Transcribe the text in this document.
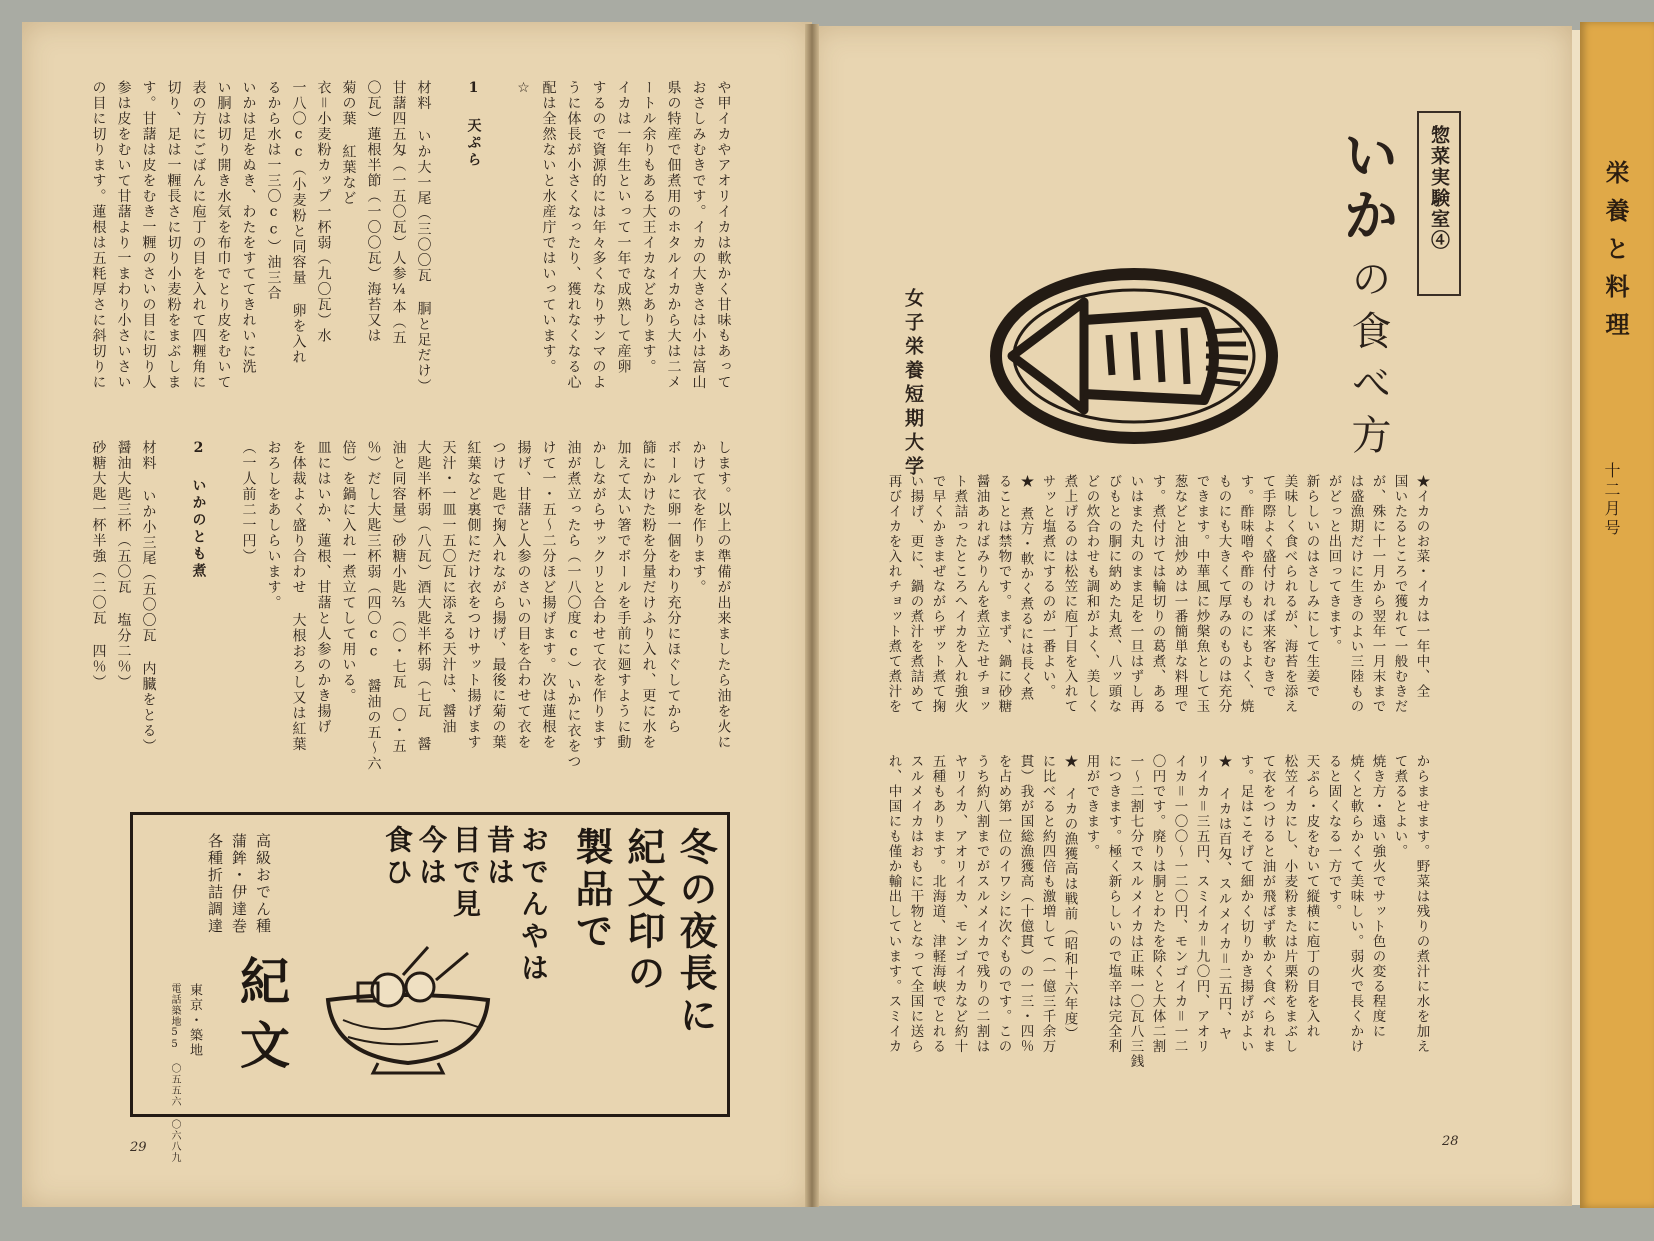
栄養と料理
十二月号
や甲イカやアオリイカは軟かく甘味もあって
おさしみむきです。イカの大きさは小は富山
県の特産で佃煮用のホタルイカから大は二メ
ートル余りもある大王イカなどあります。
イカは一年生といって一年で成熟して産卵
するので資源的には年々多くなりサンマのよ
うに体長が小さくなったり、獲れなくなる心
配は全然ないと水産庁ではいっています。
☆
1 天ぷら
材料 いか大一尾（三〇〇瓦 胴と足だけ）
甘藷四五匁（一五〇瓦）人参¼本（五
〇瓦）蓮根半節（一〇〇瓦）海苔又は
菊の葉 紅葉など
衣＝小麦粉カップ一杯弱（九〇瓦）水
一八〇cc（小麦粉と同容量 卵を入れ
るから水は一三〇cc）油三合
いかは足をぬき、わたをすててきれいに洗
い胴は切り開き水気を布巾でとり皮をむいて
表の方にごばんに庖丁の目を入れて四糎角に
切り、足は一糎長さに切り小麦粉をまぶしま
す。甘藷は皮をむき一糎のさいの目に切り人
参は皮をむいて甘藷より一まわり小さいさい
の目に切ります。蓮根は五粍厚さに斜切りに
します。以上の準備が出来ましたら油を火に
かけて衣を作ります。
ボールに卵一個をわり充分にほぐしてから
篩にかけた粉を分量だけふり入れ、更に水を
加えて太い箸でボールを手前に廻すように動
かしながらサックリと合わせて衣を作ります
油が煮立ったら（一八〇度cc）いかに衣をつ
けて一・五〜二分ほど揚げます。次は蓮根を
揚げ、甘藷と人参のさいの目を合わせて衣を
つけて匙で掬入れながら揚げ、最後に菊の葉
紅葉など裏側にだけ衣をつけサット揚げます
天汁・一皿一五〇瓦に添える天汁は、醤油
大匙半杯弱（八瓦）酒大匙半杯弱（七瓦 醤
油と同容量）砂糖小匙⅔（〇・七瓦 〇・五
％）だし大匙三杯弱（四〇cc 醤油の五〜六
倍）を鍋に入れ一煮立てして用いる。
皿にはいか、蓮根、甘藷と人参のかき揚げ
を体裁よく盛り合わせ 大根おろし又は紅葉
おろしをあしらいます。
（一人前二一円）
2 いかのとも煮
材料 いか小三尾（五〇〇瓦 内臓をとる）
醤油大匙三杯（五〇瓦 塩分二％）
砂糖大匙一杯半強（二〇瓦 四％）
冬の夜長に
紀文印の
製品で
おでんやは
昔は
目で見
今は
食ひ
高級おでん種
蒲鉾・伊達巻
各種折詰調達
紀文
東京・築地
電話築地55 〇五五六 〇六八九
29
惣菜実験室④
いか
の食べ方
女子栄養短期大学
★イカのお菜・イカは一年中、全
国いたるところで獲れて一般むきだ
が、殊に十一月から翌年一月末まで
は盛漁期だけに生きのよい三陸もの
がどっと出回ってきます。
新らしいのはさしみにして生姜で
美味しく食べられるが、海苔を添え
て手際よく盛付ければ来客むきで
す。酢味噌や酢のものにもよく、焼
ものにも大きくて厚みのものは充分
できます。中華風に炒槃魚として玉
葱などと油炒めは一番簡単な料理で
す。煮付けては輪切りの葛煮、ある
いはまた丸のまま足を一旦はずし再
びもとの胴に納めた丸煮、八ッ頭な
どの炊合わせも調和がよく、美しく
煮上げるのは松笠に庖丁目を入れて
サッと塩煮にするのが一番よい。
★ 煮方・軟かく煮るには長く煮
ることは禁物です。まず、鍋に砂糖
醤油あればみりんを煮立たせチョッ
ト煮詰ったところへイカを入れ強火
で早くかきまぜながらザット煮て掬
い揚げ、更に、鍋の煮汁を煮詰めて
再びイカを入れチョット煮て煮汁を
からませます。野菜は残りの煮汁に水を加え
て煮るとよい。
焼き方・遠い強火でサット色の変る程度に
焼くと軟らかくて美味しい。弱火で長くかけ
ると固くなる一方です。
天ぷら・皮をむいて縦横に庖丁の目を入れ
松笠イカにし、小麦粉または片栗粉をまぶし
て衣をつけると油が飛ばず軟かく食べられま
す。足はこそげて細かく切りかき揚げがよい
★ イカは百匁、スルメイカ＝二五円、ヤ
リイカ＝三五円、スミイカ＝九〇円、アオリ
イカ＝一〇〇〜一二〇円、モンゴイカ＝一二
〇円です。廃りは胴とわたを除くと大体二割
一〜二割七分でスルメイカは正味一〇瓦八三銭
につきます。極く新らしいので塩辛は完全利
用ができます。
★ イカの漁獲高は戦前（昭和十六年度）
に比べると約四倍も激増して（一億三千余万
貫）我が国総漁獲高（十億貫）の一三・四％
を占め第一位のイワシに次ぐものです。この
うち約八割までがスルメイカで残りの二割は
ヤリイカ、アオリイカ、モンゴイカなど約十
五種もあります。北海道、津軽海峡でとれる
スルメイカはおもに干物となって全国に送ら
れ、中国にも僅か輸出しています。スミイカ
28
